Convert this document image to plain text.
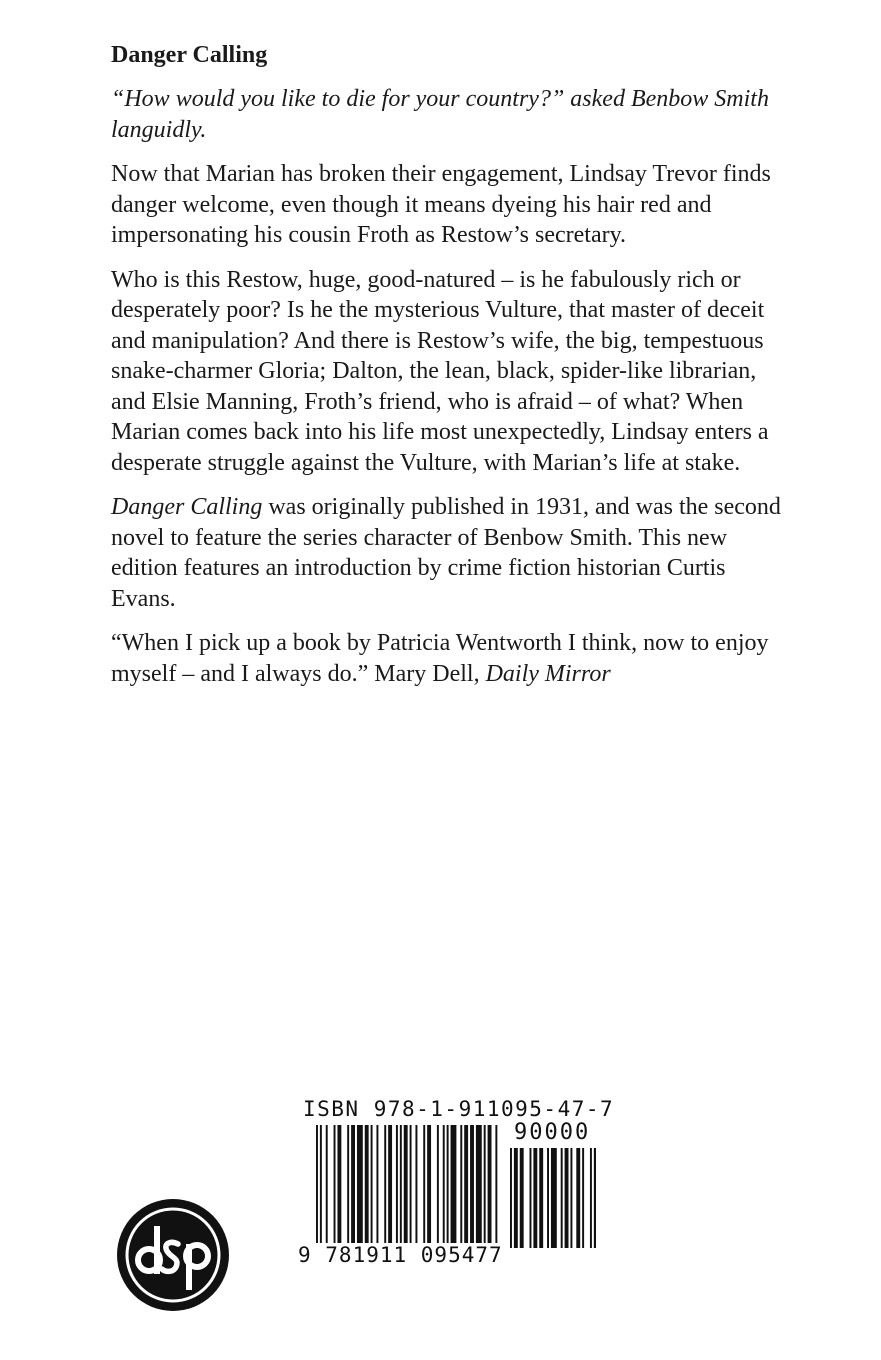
Danger Calling
“How would you like to die for your country?” asked Benbow Smith languidly.
Now that Marian has broken their engagement, Lindsay Trevor finds danger welcome, even though it means dyeing his hair red and impersonating his cousin Froth as Restow’s secretary.
Who is this Restow, huge, good-natured – is he fabulously rich or desperately poor? Is he the mysterious Vulture, that master of deceit and manipulation? And there is Restow’s wife, the big, tempestuous snake-charmer Gloria; Dalton, the lean, black, spider-like librarian, and Elsie Manning, Froth’s friend, who is afraid – of what? When Marian comes back into his life most unexpectedly, Lindsay enters a desperate struggle against the Vulture, with Marian’s life at stake.
Danger Calling was originally published in 1931, and was the second novel to feature the series character of Benbow Smith. This new edition features an introduction by crime fiction historian Curtis Evans.
“When I pick up a book by Patricia Wentworth I think, now to enjoy myself – and I always do.” Mary Dell, Daily Mirror
ISBN 978-1-911095-47-7
90000
9 781911 095477
